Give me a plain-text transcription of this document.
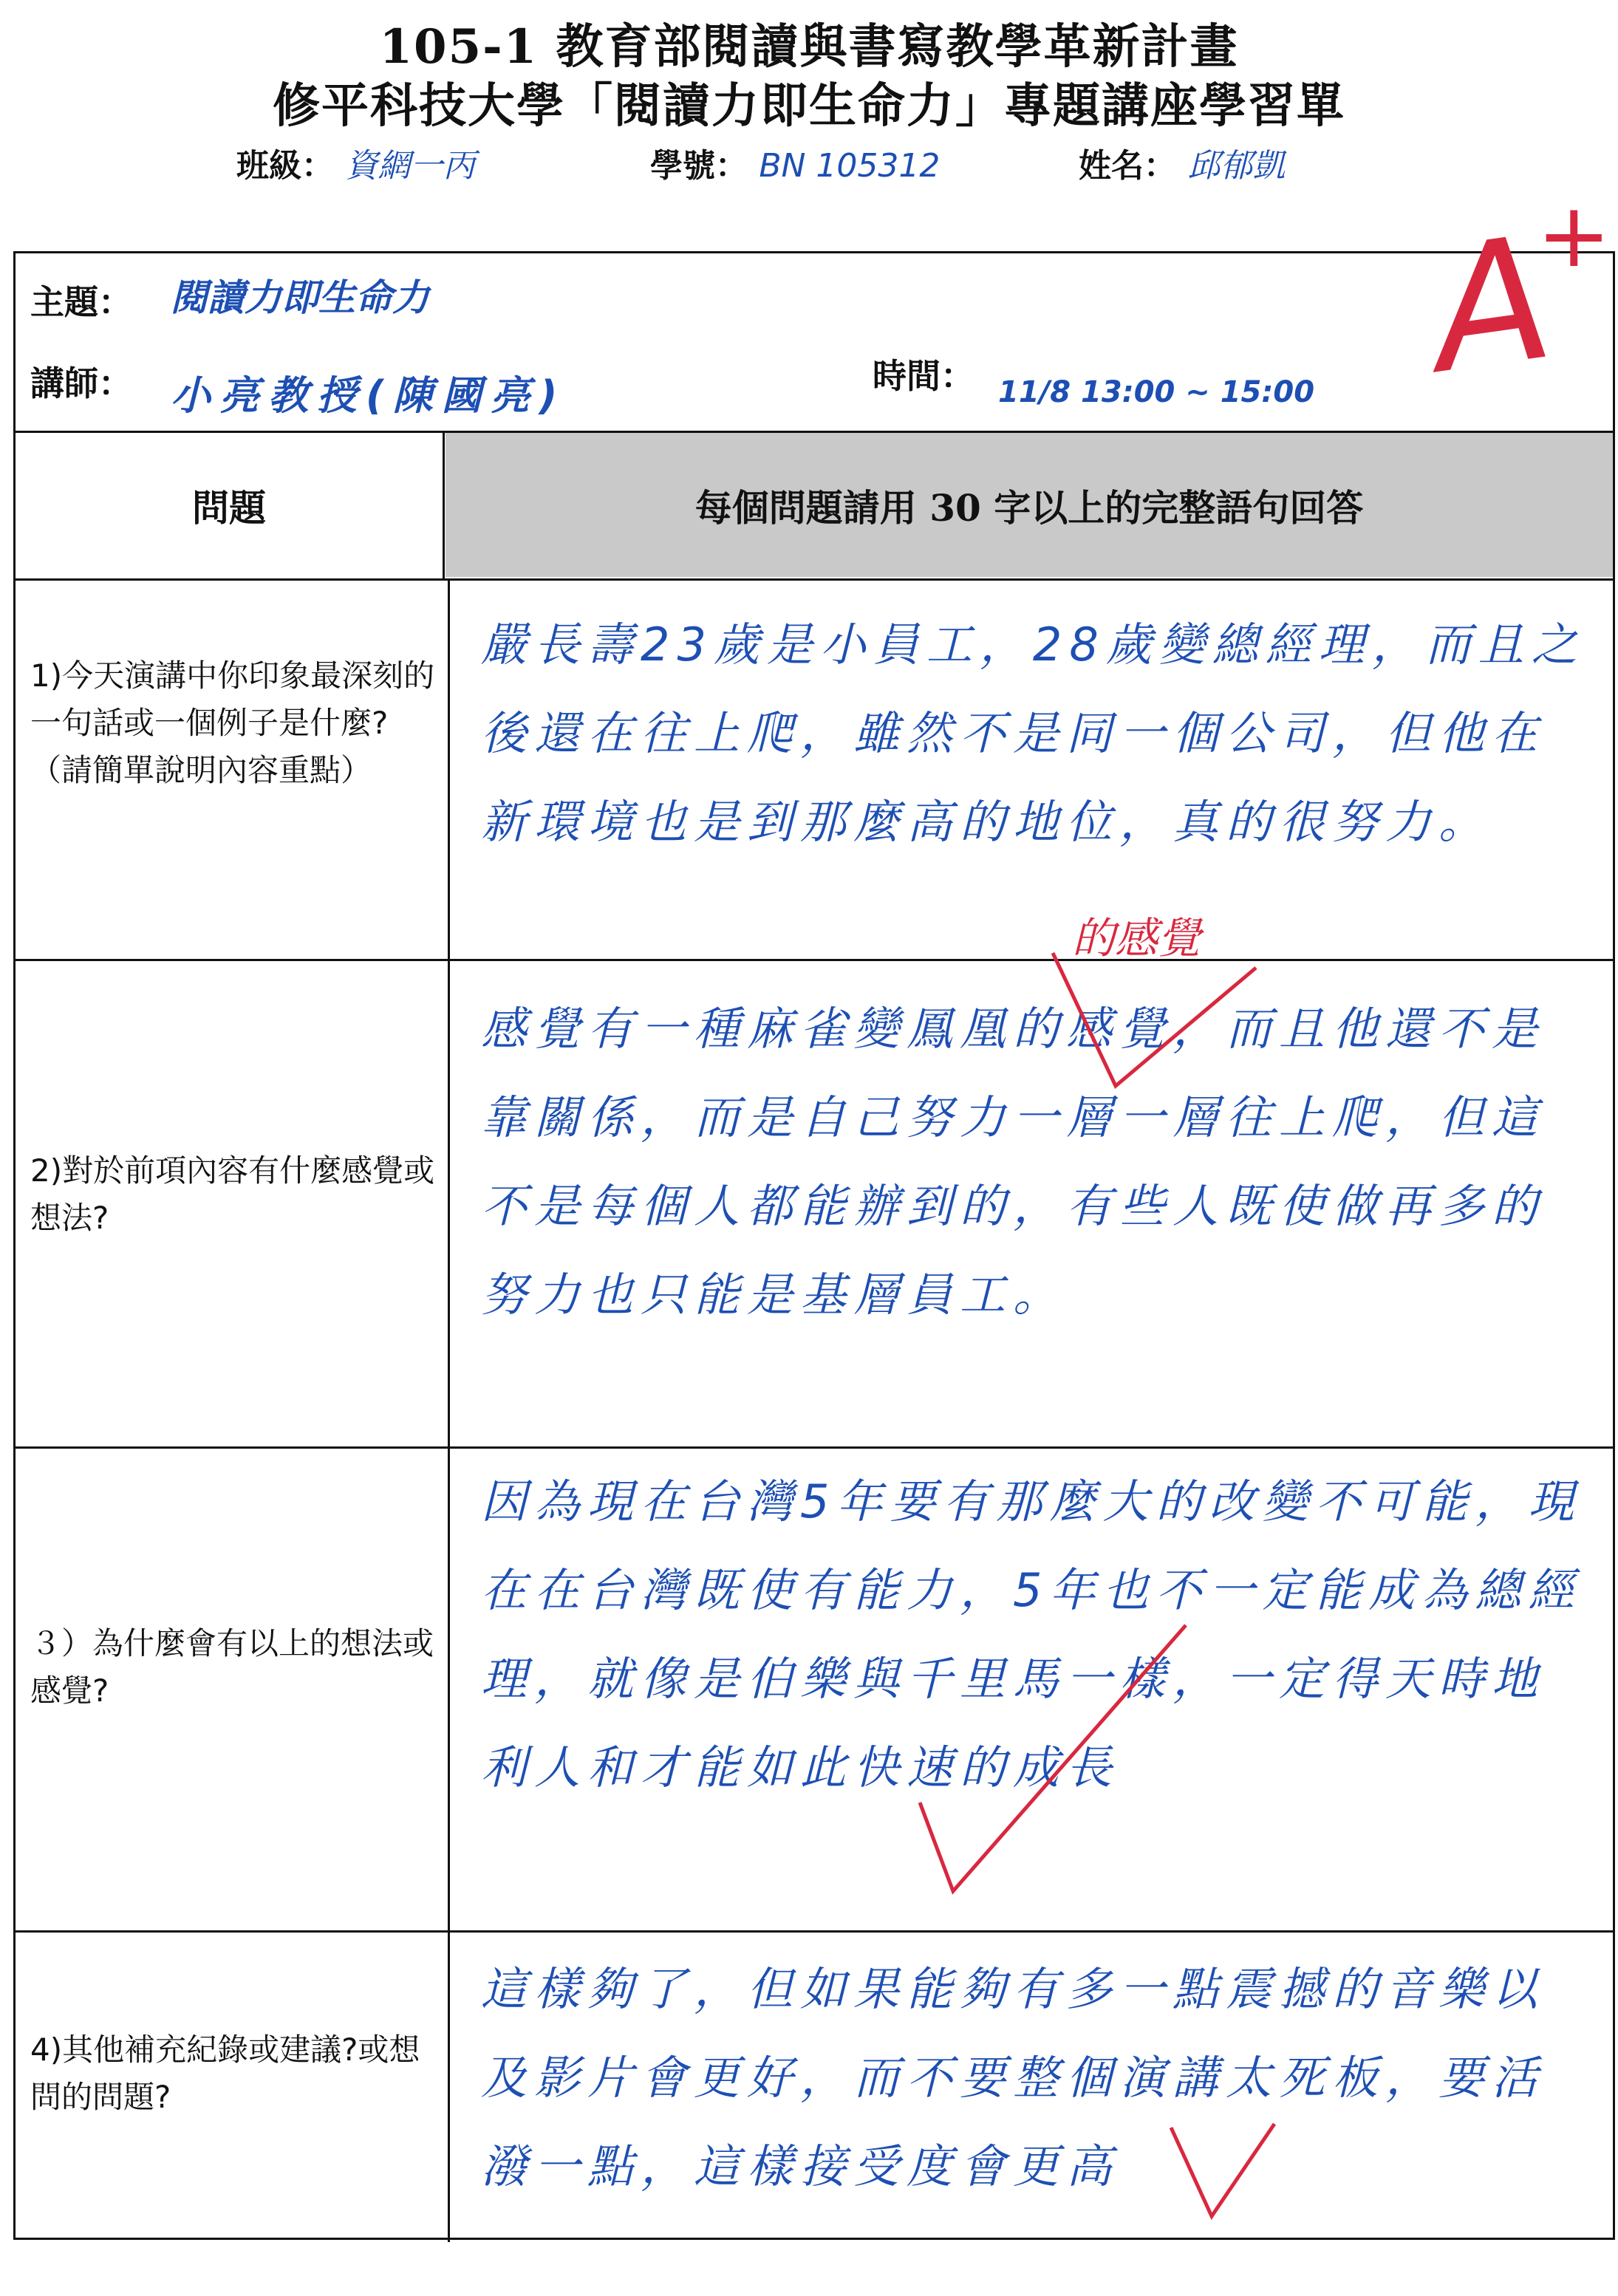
105-1 教育部閱讀與書寫教學革新計畫
修平科技大學「閱讀力即生命力」專題講座學習單
班級： 資網一丙	學號： BN 105312	姓名： 邱郁凱
主題： 閱讀力即生命力
講師： 小亮教授(陳國亮)	時間： 11/8 13:00 ~ 15:00
問題	每個問題請用 30 字以上的完整語句回答
1)今天演講中你印象最深刻的一句話或一個例子是什麼?（請簡單說明內容重點）
嚴長壽23歲是小員工，28歲變總經理，而且之後還在往上爬，雖然不是同一個公司，但他在新環境也是到那麼高的地位，真的很努力。
的感覺
2)對於前項內容有什麼感覺或想法?
感覺有一種麻雀變鳳凰的感覺，而且他還不是靠關係，而是自己努力一層一層往上爬，但這不是每個人都能辦到的，有些人既使做再多的努力也只能是基層員工。
３）為什麼會有以上的想法或感覺?
因為現在台灣5年要有那麼大的改變不可能，現在在台灣既使有能力，5年也不一定能成為總經理，就像是伯樂與千里馬一樣，一定得天時地利人和才能如此快速的成長
4)其他補充紀錄或建議?或想問的問題?
這樣夠了，但如果能夠有多一點震撼的音樂以及影片會更好，而不要整個演講太死板，要活潑一點，這樣接受度會更高
A
+
